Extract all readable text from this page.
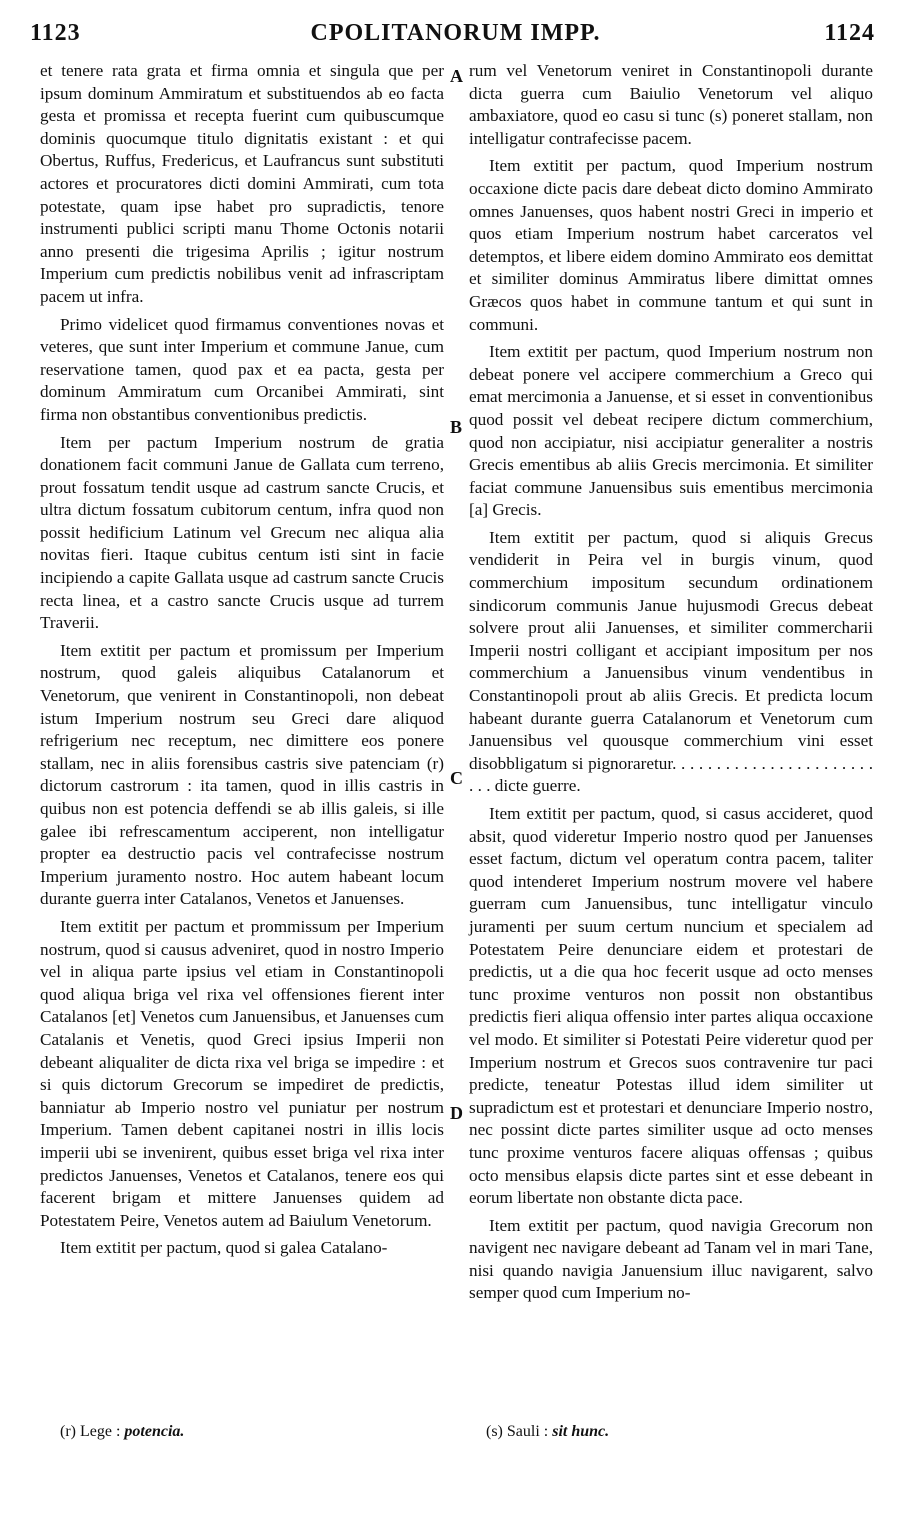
1123	CPOLITANORUM IMPP.	1124

et tenere rata grata et firma omnia et singula que per ipsum dominum Ammiratum et substituendos ab eo facta gesta et promissa et recepta fuerint cum quibuscumque dominis quocumque titulo dignitatis existant : et qui Obertus, Ruffus, Fredericus, et Laufrancus sunt substituti actores et procuratores dicti domini Ammirati, cum tota potestate, quam ipse habet pro supradictis, tenore instrumenti publici scripti manu Thome Octonis notarii anno presenti die trigesima Aprilis ; igitur nostrum Imperium cum predictis nobilibus venit ad infrascriptam pacem ut infra.

Primo videlicet quod firmamus conventiones novas et veteres, que sunt inter Imperium et commune Janue, cum reservatione tamen, quod pax et ea pacta, gesta per dominum Ammiratum cum Orcanibei Ammirati, sint firma non obstantibus conventionibus predictis.

Item per pactum Imperium nostrum de gratia donationem facit communi Janue de Gallata cum terreno, prout fossatum tendit usque ad castrum sancte Crucis, et ultra dictum fossatum cubitorum centum, infra quod non possit hedificium Latinum vel Grecum nec aliqua alia novitas fieri. Itaque cubitus centum isti sint in facie incipiendo a capite Gallata usque ad castrum sancte Crucis recta linea, et a castro sancte Crucis usque ad turrem Traverii.

Item extitit per pactum et promissum per Imperium nostrum, quod galeis aliquibus Catalanorum et Venetorum, que venirent in Constantinopoli, non debeat istum Imperium nostrum seu Greci dare aliquod refrigerium nec receptum, nec dimittere eos ponere stallam, nec in aliis forensibus castris sive patenciam (r) dictorum castrorum : ita tamen, quod in illis castris in quibus non est potencia deffendi se ab illis galeis, si ille galee ibi refrescamentum acciperent, non intelligatur propter ea destructio pacis vel contrafecisse nostrum Imperium juramento nostro. Hoc autem habeant locum durante guerra inter Catalanos, Venetos et Januenses.

Item extitit per pactum et prommissum per Imperium nostrum, quod si causus adveniret, quod in nostro Imperio vel in aliqua parte ipsius vel etiam in Constantinopoli quod aliqua briga vel rixa vel offensiones fierent inter Catalanos [et] Venetos cum Januensibus, et Januenses cum Catalanis et Venetis, quod Greci ipsius Imperii non debeant aliqualiter de dicta rixa vel briga se impedire : et si quis dictorum Grecorum se impediret de predictis, banniatur ab Imperio nostro vel puniatur per nostrum Imperium. Tamen debent capitanei nostri in illis locis imperii ubi se invenirent, quibus esset briga vel rixa inter predictos Januenses, Venetos et Catalanos, tenere eos qui facerent brigam et mittere Januenses quidem ad Potestatem Peire, Venetos autem ad Baiulum Venetorum.

Item extitit per pactum, quod si galea Catalano-

A
B
C
D

rum vel Venetorum veniret in Constantinopoli durante dicta guerra cum Baiulio Venetorum vel aliquo ambaxiatore, quod eo casu si tunc (s) poneret stallam, non intelligatur contrafecisse pacem.

Item extitit per pactum, quod Imperium nostrum occaxione dicte pacis dare debeat dicto domino Ammirato omnes Januenses, quos habent nostri Greci in imperio et quos etiam Imperium nostrum habet carceratos vel detemptos, et libere eidem domino Ammirato eos demittat et similiter dominus Ammiratus libere dimittat omnes Græcos quos habet in commune tantum et qui sunt in communi.

Item extitit per pactum, quod Imperium nostrum non debeat ponere vel accipere commerchium a Greco qui emat mercimonia a Januense, et si esset in conventionibus quod possit vel debeat recipere dictum commerchium, quod non accipiatur, nisi accipiatur generaliter a nostris Grecis ementibus ab aliis Grecis mercimonia. Et similiter faciat commune Januensibus suis ementibus mercimonia [a] Grecis.

Item extitit per pactum, quod si aliquis Grecus vendiderit in Peira vel in burgis vinum, quod commerchium impositum secundum ordinationem sindicorum communis Janue hujusmodi Grecus debeat solvere prout alii Januenses, et similiter commercharii Imperii nostri colligant et accipiant impositum per nos commerchium a Januensibus vinum vendentibus in Constantinopoli prout ab aliis Grecis. Et predicta locum habeant durante guerra Catalanorum et Venetorum cum Januensibus vel quousque commerchium vini esset disobbligatum si pignoraretur. . . . . . . . . . . . . . . . . . . . . . . . . . dicte guerre.

Item extitit per pactum, quod, si casus accideret, quod absit, quod videretur Imperio nostro quod per Januenses esset factum, dictum vel operatum contra pacem, taliter quod intenderet Imperium nostrum movere vel habere guerram cum Januensibus, tunc intelligatur vinculo juramenti per suum certum nuncium et specialem ad Potestatem Peire denunciare eidem et protestari de predictis, ut a die qua hoc fecerit usque ad octo menses tunc proxime venturos non possit non obstantibus predictis fieri aliqua offensio inter partes aliqua occaxione vel modo. Et similiter si Potestati Peire videretur quod per Imperium nostrum et Grecos suos contravenire tur paci predicte, teneatur Potestas illud idem similiter ut supradictum est et protestari et denunciare Imperio nostro, nec possint dicte partes similiter usque ad octo menses tunc proxime venturos facere aliquas offensas ; quibus octo mensibus elapsis dicte partes sint et esse debeant in eorum libertate non obstante dicta pace.

Item extitit per pactum, quod navigia Grecorum non navigent nec navigare debeant ad Tanam vel in mari Tane, nisi quando navigia Januensium illuc navigarent, salvo semper quod cum Imperium no-

(r) Lege : potencia.	(s) Sauli : sit hunc.
